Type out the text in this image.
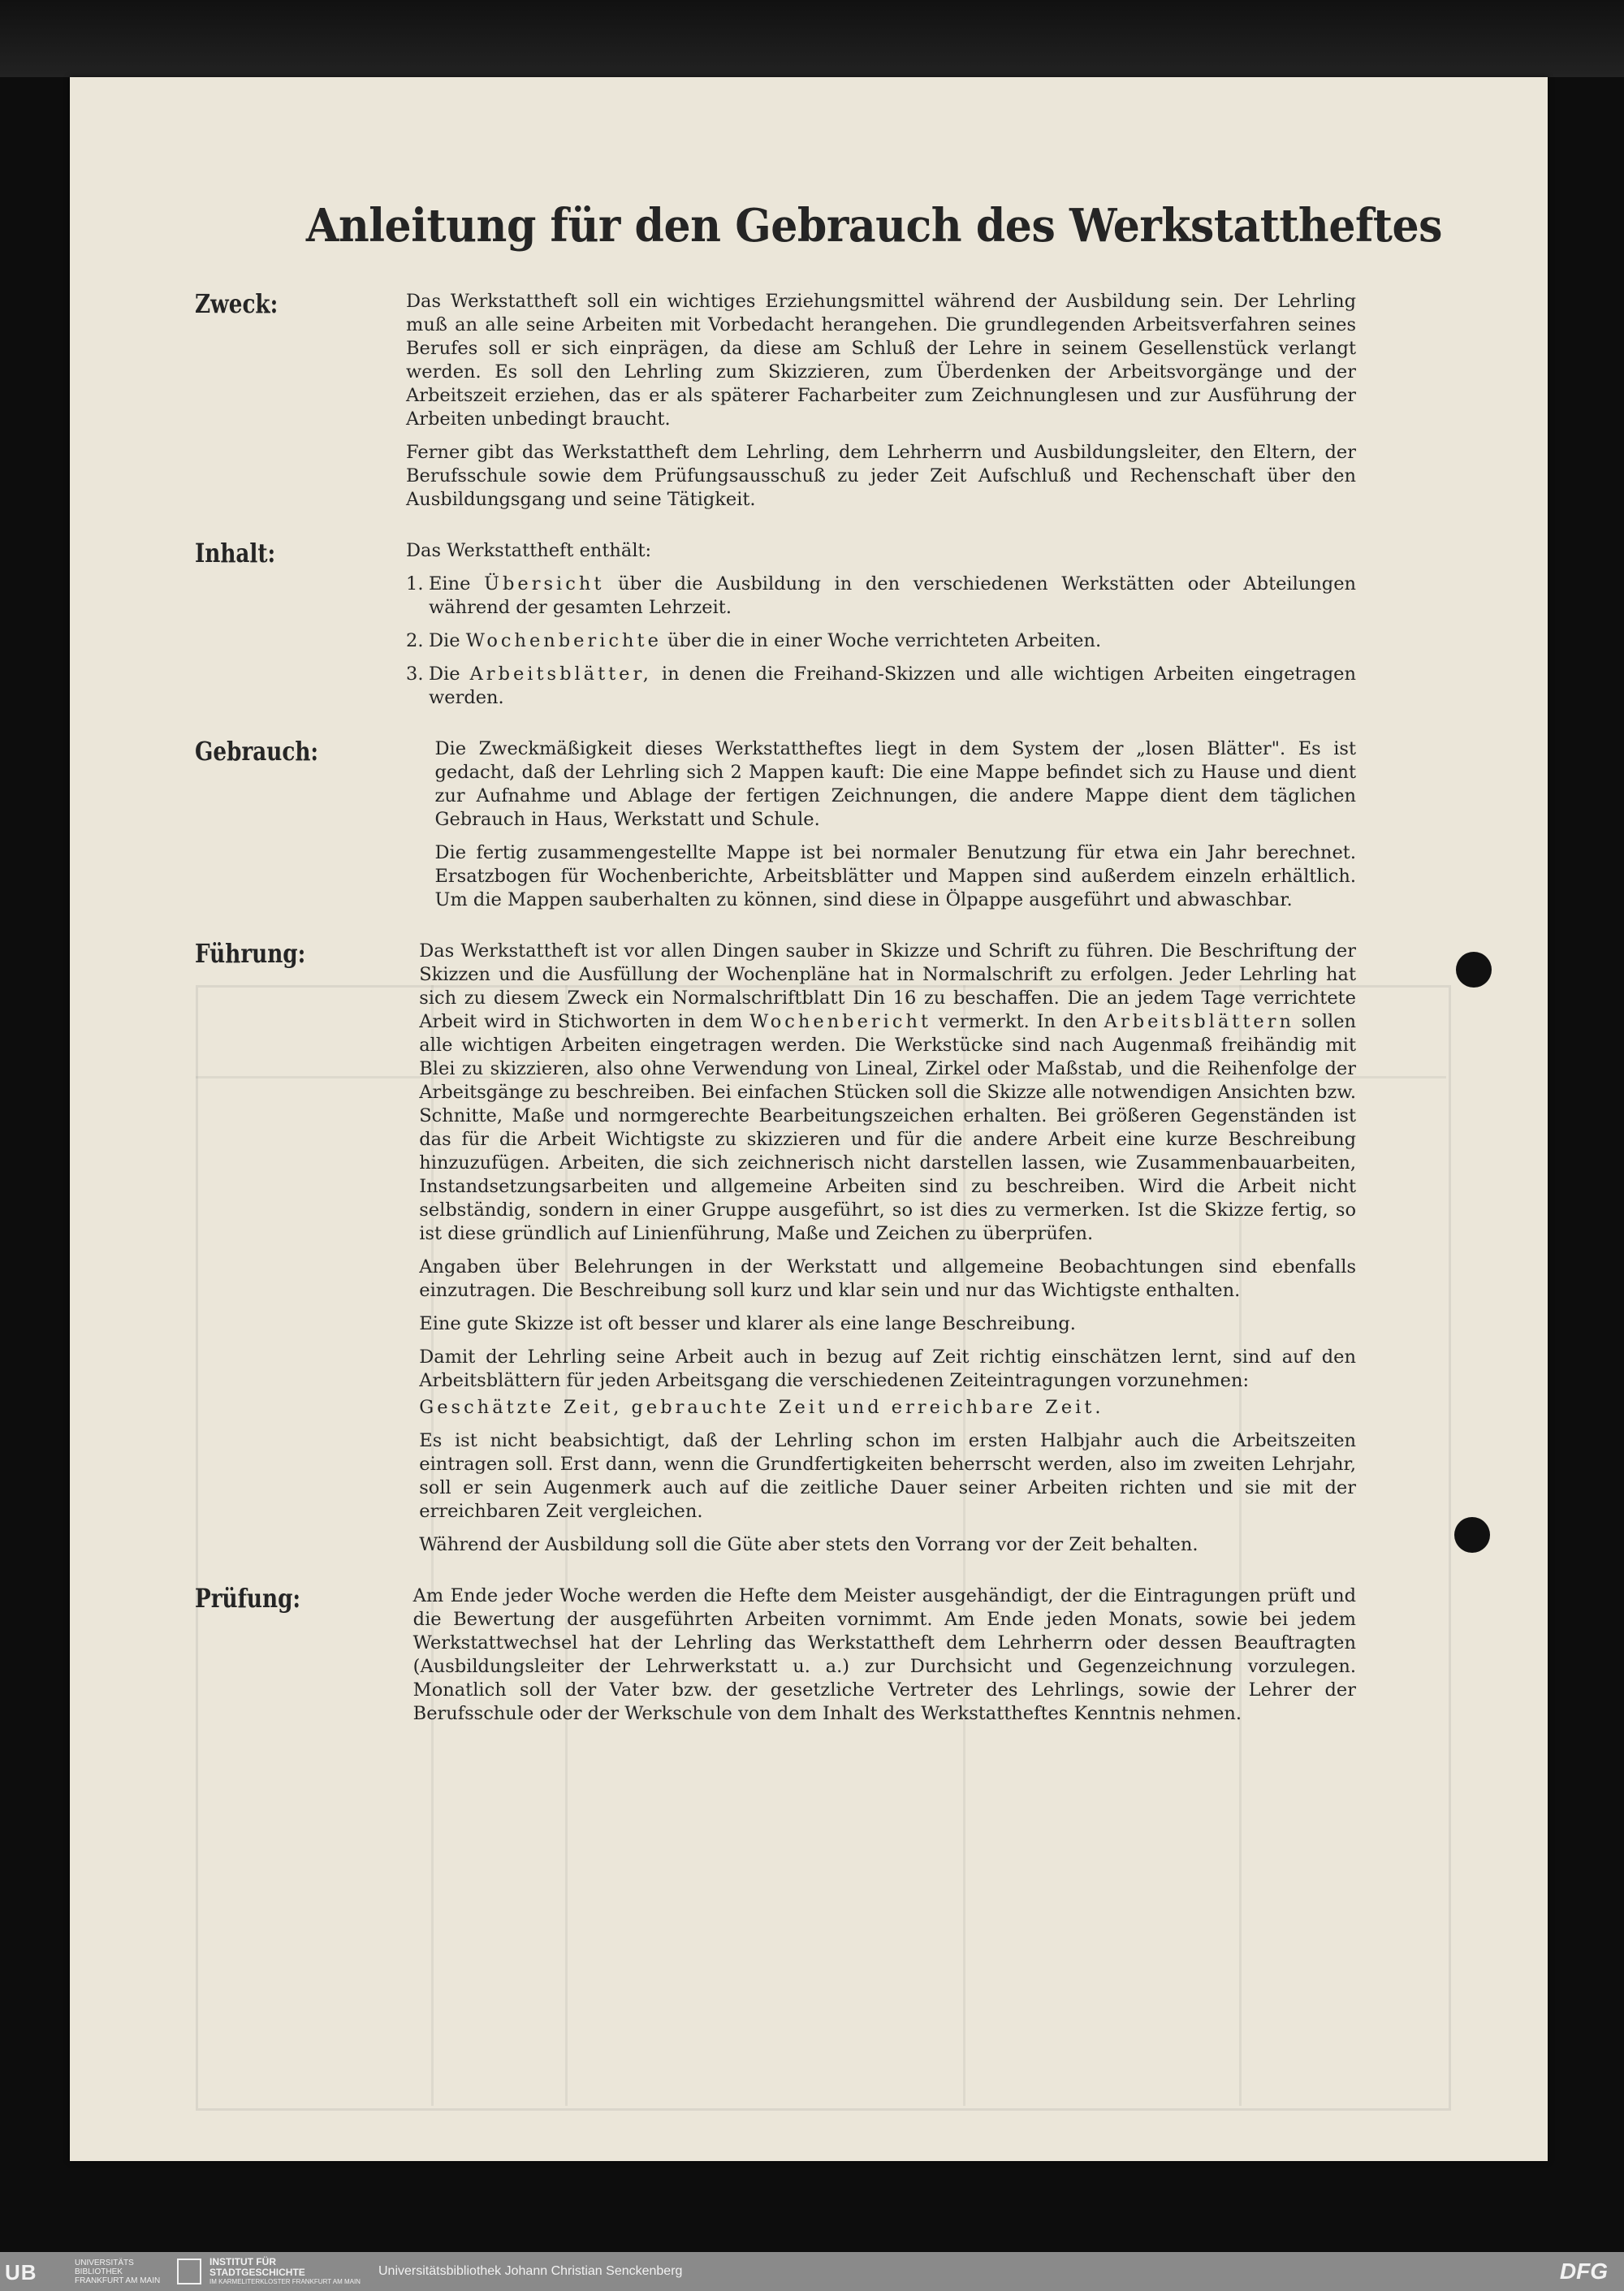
Anleitung für den Gebrauch des Werkstattheftes
Zweck:	Das Werkstattheft soll ein wichtiges Erziehungsmittel während der Ausbildung sein. Der Lehrling muß an alle seine Arbeiten mit Vorbedacht herangehen. Die grundlegenden Arbeitsverfahren seines Berufes soll er sich einprägen, da diese am Schluß der Lehre in seinem Gesellenstück verlangt werden. Es soll den Lehrling zum Skizzieren, zum Überdenken der Arbeitsvorgänge und der Arbeitszeit erziehen, das er als späterer Facharbeiter zum Zeichnunglesen und zur Ausführung der Arbeiten unbedingt braucht.

Ferner gibt das Werkstattheft dem Lehrling, dem Lehrherrn und Ausbildungsleiter, den Eltern, der Berufsschule sowie dem Prüfungsausschuß zu jeder Zeit Aufschluß und Rechenschaft über den Ausbildungsgang und seine Tätigkeit.

Inhalt:	Das Werkstattheft enthält:

1. Eine Übersicht über die Ausbildung in den verschiedenen Werkstätten oder Abteilungen während der gesamten Lehrzeit.
2. Die Wochenberichte über die in einer Woche verrichteten Arbeiten.
3. Die Arbeitsblätter, in denen die Freihand-Skizzen und alle wichtigen Arbeiten eingetragen werden.
Gebrauch:	Die Zweckmäßigkeit dieses Werkstattheftes liegt in dem System der „losen Blätter". Es ist gedacht, daß der Lehrling sich 2 Mappen kauft: Die eine Mappe befindet sich zu Hause und dient zur Aufnahme und Ablage der fertigen Zeichnungen, die andere Mappe dient dem täglichen Gebrauch in Haus, Werkstatt und Schule.

Die fertig zusammengestellte Mappe ist bei normaler Benutzung für etwa ein Jahr berechnet. Ersatzbogen für Wochenberichte, Arbeitsblätter und Mappen sind außerdem einzeln erhältlich. Um die Mappen sauberhalten zu können, sind diese in Ölpappe ausgeführt und abwaschbar.

Führung:	Das Werkstattheft ist vor allen Dingen sauber in Skizze und Schrift zu führen. Die Beschriftung der Skizzen und die Ausfüllung der Wochenpläne hat in Normalschrift zu erfolgen. Jeder Lehrling hat sich zu diesem Zweck ein Normalschriftblatt Din 16 zu beschaffen. Die an jedem Tage verrichtete Arbeit wird in Stichworten in dem Wochenbericht vermerkt. In den Arbeitsblättern sollen alle wichtigen Arbeiten eingetragen werden. Die Werkstücke sind nach Augenmaß freihändig mit Blei zu skizzieren, also ohne Verwendung von Lineal, Zirkel oder Maßstab, und die Reihenfolge der Arbeitsgänge zu beschreiben. Bei einfachen Stücken soll die Skizze alle notwendigen Ansichten bzw. Schnitte, Maße und normgerechte Bearbeitungszeichen erhalten. Bei größeren Gegenständen ist das für die Arbeit Wichtigste zu skizzieren und für die andere Arbeit eine kurze Beschreibung hinzuzufügen. Arbeiten, die sich zeichnerisch nicht darstellen lassen, wie Zusammenbauarbeiten, Instandsetzungsarbeiten und allgemeine Arbeiten sind zu beschreiben. Wird die Arbeit nicht selbständig, sondern in einer Gruppe ausgeführt, so ist dies zu vermerken. Ist die Skizze fertig, so ist diese gründlich auf Linienführung, Maße und Zeichen zu überprüfen.

Angaben über Belehrungen in der Werkstatt und allgemeine Beobachtungen sind ebenfalls einzutragen. Die Beschreibung soll kurz und klar sein und nur das Wichtigste enthalten.

Eine gute Skizze ist oft besser und klarer als eine lange Beschreibung.

Damit der Lehrling seine Arbeit auch in bezug auf Zeit richtig einschätzen lernt, sind auf den Arbeitsblättern für jeden Arbeitsgang die verschiedenen Zeiteintragungen vorzunehmen:

Geschätzte Zeit, gebrauchte Zeit und erreichbare Zeit.

Es ist nicht beabsichtigt, daß der Lehrling schon im ersten Halbjahr auch die Arbeitszeiten eintragen soll. Erst dann, wenn die Grundfertigkeiten beherrscht werden, also im zweiten Lehrjahr, soll er sein Augenmerk auch auf die zeitliche Dauer seiner Arbeiten richten und sie mit der erreichbaren Zeit vergleichen.

Während der Ausbildung soll die Güte aber stets den Vorrang vor der Zeit behalten.

Prüfung:	Am Ende jeder Woche werden die Hefte dem Meister ausgehändigt, der die Eintragungen prüft und die Bewertung der ausgeführten Arbeiten vornimmt. Am Ende jeden Monats, sowie bei jedem Werkstattwechsel hat der Lehrling das Werkstattheft dem Lehrherrn oder dessen Beauftragten (Ausbildungsleiter der Lehrwerkstatt u. a.) zur Durchsicht und Gegenzeichnung vorzulegen. Monatlich soll der Vater bzw. der gesetzliche Vertreter des Lehrlings, sowie der Lehrer der Berufsschule oder der Werkschule von dem Inhalt des Werkstattheftes Kenntnis nehmen.

UB	UNIVERSITÄTS BIBLIOTHEK FRANKFURT AM MAIN
INSTITUT FÜR STADTGESCHICHTE
IM KARMELITERKLOSTER FRANKFURT AM MAIN
Universitätsbibliothek Johann Christian Senckenberg	DFG
